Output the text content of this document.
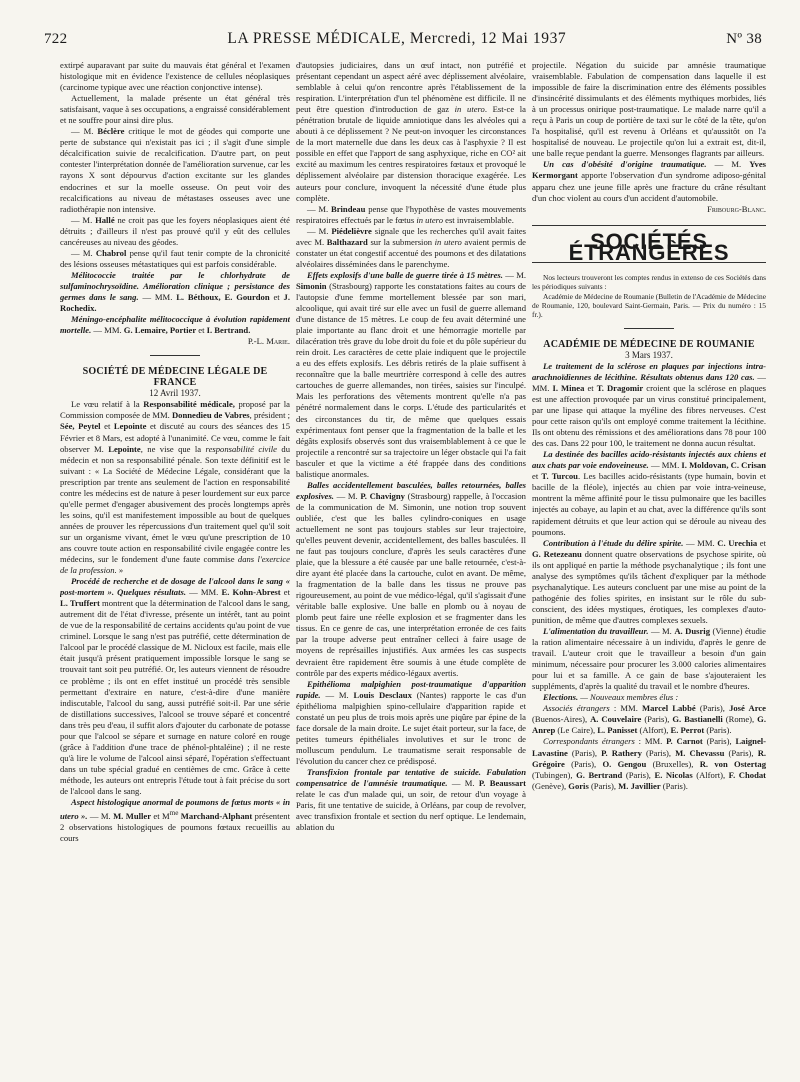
722	LA PRESSE MÉDICALE, Mercredi, 12 Mai 1937	Nº 38

extirpé auparavant par suite du mauvais état général et l'examen histologique mit en évidence l'existence de cellules néoplasiques (carcinome typique avec une réaction conjonctive intense).

Actuellement, la malade présente un état général très satisfaisant, vaque à ses occupations, a engraissé considérablement et ne souffre pour ainsi dire plus.

— M. Béclère critique le mot de géodes qui comporte une perte de substance qui n'existait pas ici ; il s'agit d'une simple décalcification suivie de recalcification. D'autre part, on peut contester l'interprétation donnée de l'amélioration survenue, car les rayons X sont dépourvus d'action excitante sur les glandes endocrines et sur la moelle osseuse. On peut voir des recalcifications au niveau de métastases osseuses avec une radiothérapie non intensive.

— M. Hallé ne croit pas que les foyers néoplasiques aient été détruits ; d'ailleurs il n'est pas prouvé qu'il y eût des cellules cancéreuses au niveau des géodes.

— M. Chabrol pense qu'il faut tenir compte de la chronicité des lésions osseuses métastatiques qui est parfois considérable.

Mélitococcie traitée par le chlorhydrate de sulfaminochrysoïdine. Amélioration clinique ; persistance des germes dans le sang. — MM. L. Béthoux, E. Gourdon et J. Rochedix.

Méningo-encéphalite mélitococcique à évolution rapidement mortelle. — MM. G. Lemaire, Portier et I. Bertrand.

P.-L. Marie.

SOCIÉTÉ DE MÉDECINE LÉGALE DE FRANCE

12 Avril 1937.

Le vœu relatif à la Responsabilité médicale, proposé par la Commission composée de MM. Donnedieu de Vabres, président ; Sée, Peytel et Lepointe et discuté au cours des séances des 15 Février et 8 Mars, est adopté à l'unanimité. Ce vœu, comme le fait observer M. Lepointe, ne vise que la responsabilité civile du médecin et non sa responsabilité pénale. Son texte définitif est le suivant : « La Société de Médecine Légale, considérant que la prescription par trente ans seulement de l'action en responsabilité contre les médecins est de nature à peser lourdement sur eux parce qu'elle permet d'engager abusivement des procès longtemps après les soins, qu'il est manifestement impossible au bout de quelques années de prouver les répercussions d'un traitement quel qu'il soit sur un organisme vivant, émet le vœu qu'une prescription de 10 ans couvre toute action en responsabilité civile engagée contre les médecins, sur le fondement d'une faute commise dans l'exercice de la profession. »

Procédé de recherche et de dosage de l'alcool dans le sang « post-mortem ». Quelques résultats. — MM. E. Kohn-Abrest et L. Truffert montrent que la détermination de l'alcool dans le sang, autrement dit de l'état d'ivresse, présente un intérêt, tant au point de vue de la responsabilité de certains accidents qu'au point de vue criminel. Lorsque le sang n'est pas putréfié, cette détermination de l'alcool par le procédé classique de M. Nicloux est facile, mais elle était jusqu'à présent pratiquement impossible lorsque le sang se trouvait tant soit peu putréfié. Or, les auteurs viennent de résoudre ce problème ; ils ont en effet institué un procédé très sensible permettant d'extraire en nature, c'est-à-dire d'une manière indiscutable, l'alcool du sang, aussi putréfié soit-il. Par une série de distillations successives, l'alcool se trouve séparé et concentré dans très peu d'eau, il suffit alors d'ajouter du carbonate de potasse pour que l'alcool se sépare et surnage en nature coloré en rouge (grâce à l'addition d'une trace de phénol-phtaléine) ; il ne reste qu'à lire le volume de l'alcool ainsi séparé, l'opération s'effectuant dans un tube spécial gradué en centièmes de cmc. Grâce à cette méthode, les auteurs ont entrepris l'étude tout à fait précise du sort de l'alcool dans le sang.

Aspect histologique anormal de poumons de fœtus morts « in utero ». — M. M. Muller et $M^{me}$ Marchand-Alphant présentent 2 observations histologiques de poumons fœtaux recueillis au cours

d'autopsies judiciaires, dans un œuf intact, non putréfié et présentant cependant un aspect aéré avec déplissement alvéolaire, semblable à celui qu'on rencontre après l'établissement de la respiration. L'interprétation d'un tel phénomène est difficile. Il ne peut être question d'introduction de gaz in utero. Est-ce la pénétration brutale de liquide amniotique dans les alvéoles qui a abouti à ce déplissement ? Ne peut-on invoquer les circonstances de la mort maternelle due dans les deux cas à l'asphyxie ? Il est possible en effet que l'apport de sang asphyxique, riche en CO² ait excité au maximum les centres respiratoires fœtaux et provoqué le déplissement alvéolaire par distension thoracique exagérée. Les auteurs pour conclure, invoquent la nécessité d'une étude plus complète.

— M. Brindeau pense que l'hypothèse de vastes mouvements respiratoires effectués par le fœtus in utero est invraisemblable.

— M. Piédelièvre signale que les recherches qu'il avait faites avec M. Balthazard sur la submersion in utero avaient permis de constater un état congestif accentué des poumons et des dilatations alvéolaires disséminées dans le parenchyme.

Effets explosifs d'une balle de guerre tirée à 15 mètres. — M. Simonin (Strasbourg) rapporte les constatations faites au cours de l'autopsie d'une femme mortellement blessée par son mari, alcoolique, qui avait tiré sur elle avec un fusil de guerre allemand d'une distance de 15 mètres. Le coup de feu avait déterminé une plaie importante au flanc droit et une hémorragie mortelle par dilacération très grave du lobe droit du foie et du pôle supérieur du rein droit. Les caractères de cette plaie indiquent que le projectile a eu des effets explosifs. Les débris retirés de la plaie suffisent à reconnaître que la balle meurtrière correspond à celle des autres cartouches de guerre allemandes, non tirées, saisies sur l'inculpé. Mais les perforations des vêtements montrent qu'elle n'a pas pénétré normalement dans le corps. L'étude des particularités et des circonstances du tir, de même que quelques essais expérimentaux font penser que la fragmentation de la balle et les dégâts explosifs observés sont dus vraisemblablement à ce que le projectile a rencontré sur sa trajectoire un léger obstacle qui l'a fait basculer et que la victime a été frappée dans des conditions balistique anormales.

Balles accidentellement basculées, balles retournées, balles explosives. — M. P. Chavigny (Strasbourg) rappelle, à l'occasion de la communication de M. Simonin, une notion trop souvent oubliée, c'est que les balles cylindro-coniques en usage actuellement ne sont pas toujours stables sur leur trajectoire, qu'elles peuvent devenir, accidentellement, des balles basculées. Il ne faut pas toujours conclure, d'après les seuls caractères d'une plaie, que la blessure a été causée par une balle retournée, c'est-à-dire ayant été placée dans la cartouche, culot en avant. De même, la fragmentation de la balle dans les tissus ne prouve pas rigoureusement, au point de vue médico-légal, qu'il s'agissait d'une véritable balle explosive. Une balle en plomb ou à noyau de plomb peut faire une réelle explosion et se fragmenter dans les tissus. En ce genre de cas, une interprétation erronée de ces faits par la troupe adverse peut entraîner celleci à faire usage de moyens de représailles injustifiés. Aux armées les cas suspects devraient être rapidement être soumis à une étude complète de contrôle par des experts médico-légaux avertis.

Epithélioma malpighien post-traumatique d'apparition rapide. — M. Louis Desclaux (Nantes) rapporte le cas d'un épithélioma malpighien spino-cellulaire d'apparition rapide et constaté un peu plus de trois mois après une piqûre par épine de la face dorsale de la main droite. Le sujet était porteur, sur la face, de petites tumeurs épithéliales involutives et sur le tronc de molluscum pendulum. Le traumatisme serait responsable de l'évolution du cancer chez ce prédisposé.

Transfixion frontale par tentative de suicide. Fabulation compensatrice de l'amnésie traumatique. — M. P. Beaussart relate le cas d'un malade qui, un soir, de retour d'un voyage à Paris, fit une tentative de suicide, à Orléans, par coup de revolver, avec transfixion frontale et section du nerf optique. Le lendemain, ablation du

projectile. Négation du suicide par amnésie traumatique vraisemblable. Fabulation de compensation dans laquelle il est impossible de faire la discrimination entre des éléments possibles d'insincérité dissimulants et des éléments mythiques morbides, liés à un processus onirique post-traumatique. Le malade narre qu'il a reçu à Paris un coup de portière de taxi sur le côté de la tête, qu'on l'a hospitalisé, qu'il est revenu à Orléans et qu'aussitôt on l'a hospitalisé de nouveau. Le projectile qu'on lui a extrait est, dit-il, une balle reçue pendant la guerre. Mensonges flagrants par ailleurs.

Un cas d'obésité d'origine traumatique. — M. Yves Kermorgant apporte l'observation d'un syndrome adiposo-génital apparu chez une jeune fille après une fracture du crâne résultant d'un choc violent au cours d'un accident d'automobile.

Fribourg-Blanc.

SOCIÉTÉS ÉTRANGÈRES

Nos lecteurs trouveront les comptes rendus in extenso de ces Sociétés dans les périodiques suivants :

Académie de Médecine de Roumanie (Bulletin de l'Académie de Médecine de Roumanie, 120, boulevard Saint-Germain, Paris. — Prix du numéro : 15 fr.).

ACADÉMIE DE MÉDECINE DE ROUMANIE

3 Mars 1937.

Le traitement de la sclérose en plaques par injections intra-arachnoïdiennes de lécithine. Résultats obtenus dans 120 cas. — MM. I. Minea et T. Dragomir croient que la sclérose en plaques est une affection provoquée par un virus constitué principalement, par une lipase qui attaque la myéline des fibres nerveuses. C'est pour cette raison qu'ils ont employé comme traitement la lécithine. Ils ont obtenu des rémissions et des améliorations dans 78 pour 100 des cas. Dans 22 pour 100, le traitement ne donna aucun résultat.

La destinée des bacilles acido-résistants injectés aux chiens et aux chats par voie endoveineuse. — MM. I. Moldovan, C. Crisan et T. Turcou. Les bacilles acido-résistants (type humain, bovin et bacille de la fléole), injectés au chien par voie intra-veineuse, montrent la même affinité pour le tissu pulmonaire que les bacilles injectés au cobaye, au lapin et au chat, avec la différence qu'ils sont rapidement détruits et que leur action qui se déroule au niveau des poumons.

Contribution à l'étude du délire spirite. — MM. C. Urechia et G. Retezeanu donnent quatre observations de psychose spirite, où ils ont appliqué en partie la méthode psychanalytique ; ils font une analyse des symptômes qu'ils tâchent d'expliquer par la méthode psychanalytique. Les auteurs concluent par une mise au point de la pathogénie des folies spirites, en insistant sur le rôle du sub-conscient, des idées mystiques, érotiques, les complexes d'auto-punition, de même que d'autres complexes sexuels.

L'alimentation du travailleur. — M. A. Dusrig (Vienne) étudie la ration alimentaire nécessaire à un individu, d'après le genre de travail. L'auteur croit que le travailleur a besoin d'un gain minimum, nécessaire pour procurer les 3.000 calories alimentaires pour lui et sa famille. A ce gain de base s'ajouteraient les suppléments, d'après la qualité du travail et le nombre d'heures.

Elections. — Nouveaux membres élus :

Associés étrangers : MM. Marcel Labbé (Paris), José Arce (Buenos-Aires), A. Couvelaire (Paris), G. Bastianelli (Rome), G. Anrep (Le Caire), L. Panisset (Alfort), E. Perrot (Paris).

Correspondants étrangers : MM. P. Carnot (Paris), Laignel-Lavastine (Paris), P. Rathery (Paris), M. Chevassu (Paris), R. Grégoire (Paris), O. Gengou (Bruxelles), R. von Ostertag (Tubingen), G. Bertrand (Paris), E. Nicolas (Alfort), F. Chodat (Genève), Goris (Paris), M. Javillier (Paris).
